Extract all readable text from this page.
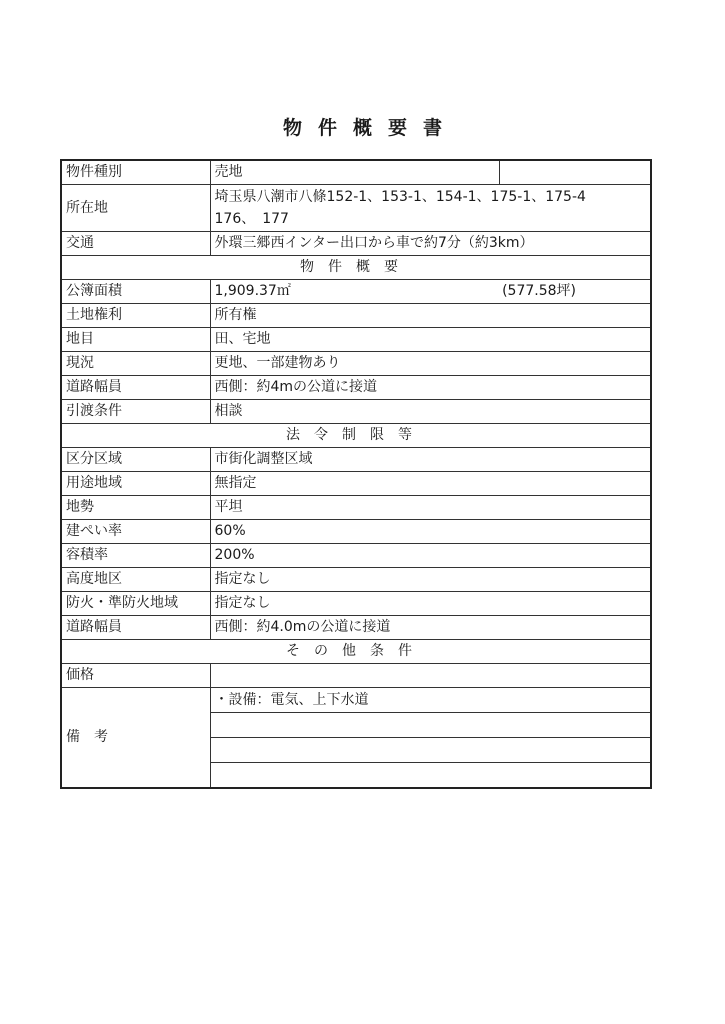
物件概要書
物件種別	売地	
所在地	埼玉県八潮市八條152-1、153-1、154-1、175-1、175-4
176、　177	

交通	外環三郷西インター出口から車で約7分（約3km）	
物件概要		
公簿面積	1,909.37㎡ (577.58坪)	

土地権利	所有権	
地目	田、宅地	
現況	更地、一部建物あり	
道路幅員	西側：約4mの公道に接道	
引渡条件	相談	
法令制限等		
区分区域	市街化調整区域	
用途地域	無指定	
地勢	平坦	
建ぺい率	60%	
容積率	200%	
高度地区	指定なし	
防火・準防火地域	指定なし	
道路幅員	西側：約4.0mの公道に接道	
その他条件		
価格		
備考	・設備：電気、上下水道	
